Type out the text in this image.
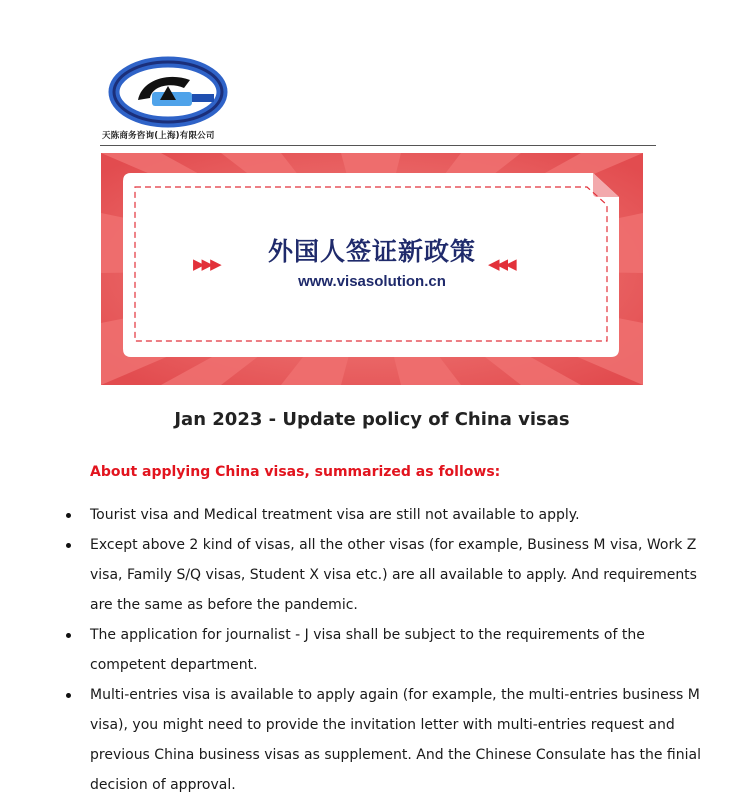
天陈商务咨询(上海)有限公司
外国人签证新政策
▶▶▶	◀◀◀
www.visasolution.cn
Jan 2023 - Update policy of China visas
About applying China visas, summarized as follows:
Tourist visa and Medical treatment visa are still not available to apply.
Except above 2 kind of visas, all the other visas (for example, Business M visa, Work Z visa, Family S/Q visas, Student X visa etc.) are all available to apply. And requirements are the same as before the pandemic.
The application for journalist - J visa shall be subject to the requirements of the competent department.
Multi-entries visa is available to apply again (for example, the multi-entries business M visa), you might need to provide the invitation letter with multi-entries request and previous China business visas as supplement. And the Chinese Consulate has the finial decision of approval.
